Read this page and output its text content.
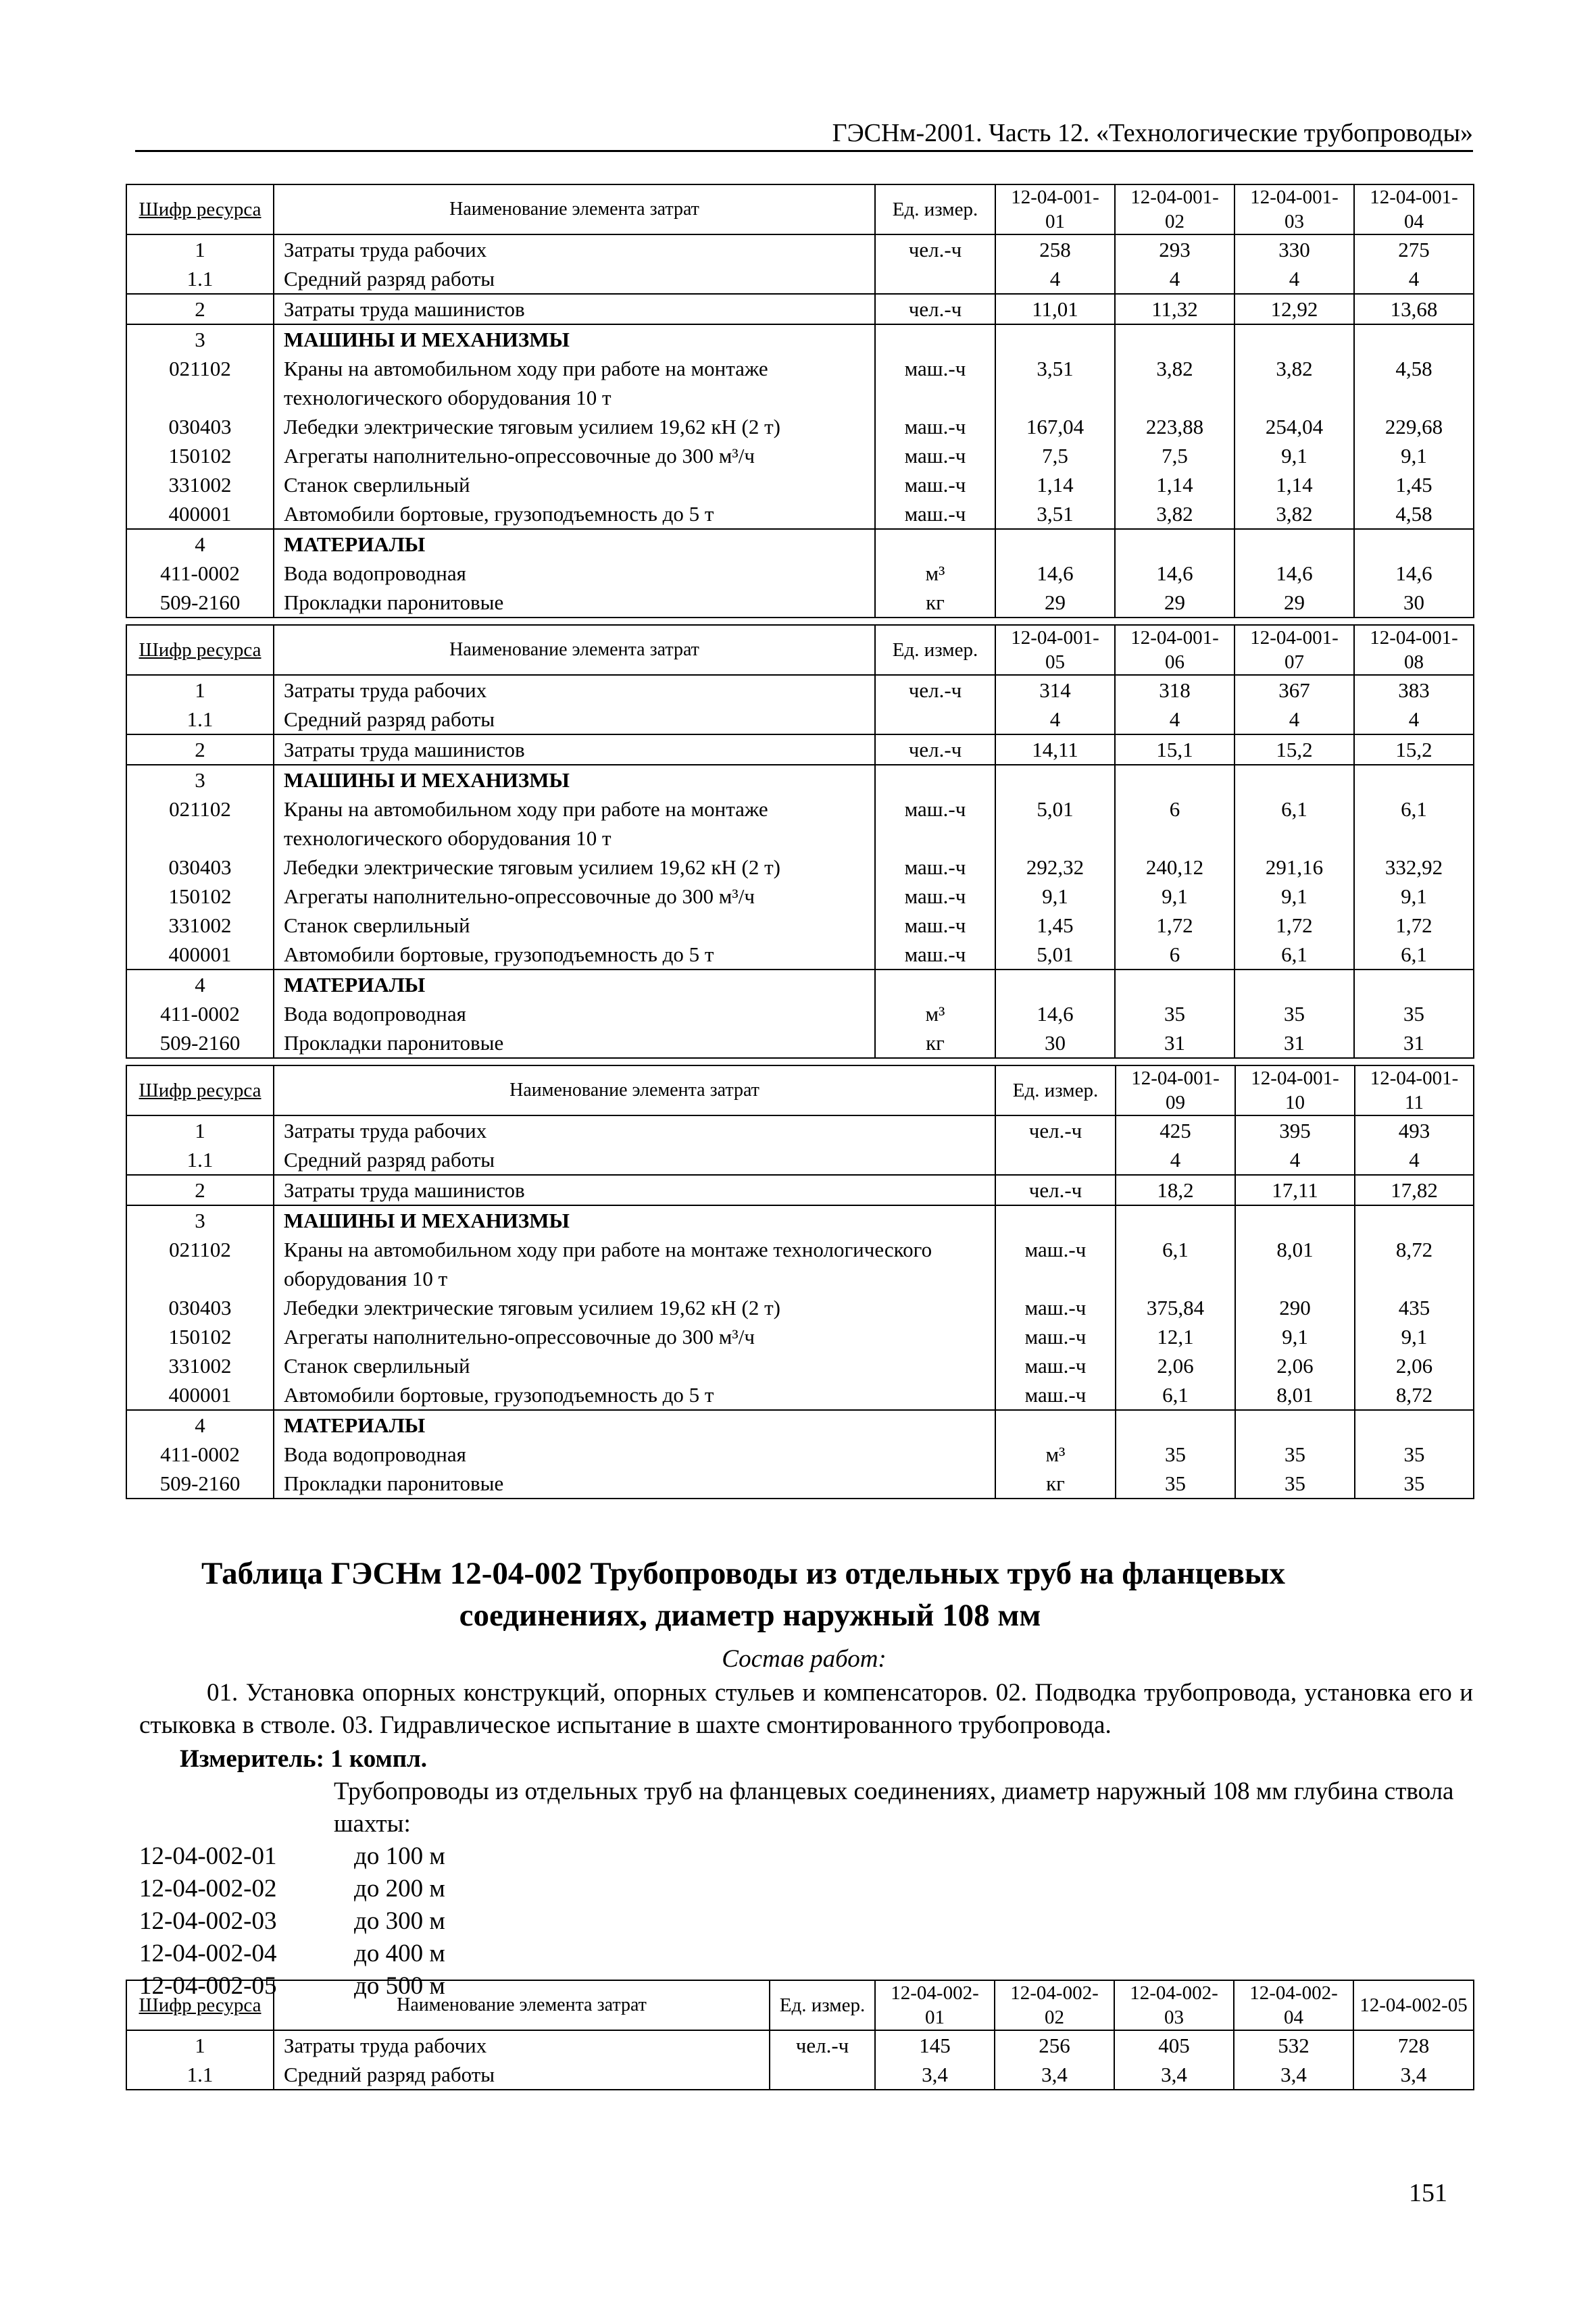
ГЭСНм-2001. Часть 12. «Технологические трубопроводы»
Шифр ресурса	Наименование элемента затрат	Ед. измер.	12-04-001-01	12-04-001-02	12-04-001-03	12-04-001-04
1	Затраты труда рабочих	чел.-ч	258	293	330	275
1.1	Средний разряд работы		4	4	4	4
2	Затраты труда машинистов	чел.-ч	11,01	11,32	12,92	13,68
3	МАШИНЫ И МЕХАНИЗМЫ					
021102	Краны на автомобильном ходу при работе на монтаже технологического оборудования 10 т	маш.-ч	3,51	3,82	3,82	4,58
030403	Лебедки электрические тяговым усилием 19,62 кН (2 т)	маш.-ч	167,04	223,88	254,04	229,68
150102	Агрегаты наполнительно-опрессовочные до 300 м³/ч	маш.-ч	7,5	7,5	9,1	9,1
331002	Станок сверлильный	маш.-ч	1,14	1,14	1,14	1,45
400001	Автомобили бортовые, грузоподъемность до 5 т	маш.-ч	3,51	3,82	3,82	4,58
4	МАТЕРИАЛЫ					
411-0002	Вода водопроводная	м³	14,6	14,6	14,6	14,6
509-2160	Прокладки паронитовые	кг	29	29	29	30
Шифр ресурса	Наименование элемента затрат	Ед. измер.	12-04-001-05	12-04-001-06	12-04-001-07	12-04-001-08
1	Затраты труда рабочих	чел.-ч	314	318	367	383
1.1	Средний разряд работы		4	4	4	4
2	Затраты труда машинистов	чел.-ч	14,11	15,1	15,2	15,2
3	МАШИНЫ И МЕХАНИЗМЫ					
021102	Краны на автомобильном ходу при работе на монтаже технологического оборудования 10 т	маш.-ч	5,01	6	6,1	6,1
030403	Лебедки электрические тяговым усилием 19,62 кН (2 т)	маш.-ч	292,32	240,12	291,16	332,92
150102	Агрегаты наполнительно-опрессовочные до 300 м³/ч	маш.-ч	9,1	9,1	9,1	9,1
331002	Станок сверлильный	маш.-ч	1,45	1,72	1,72	1,72
400001	Автомобили бортовые, грузоподъемность до 5 т	маш.-ч	5,01	6	6,1	6,1
4	МАТЕРИАЛЫ					
411-0002	Вода водопроводная	м³	14,6	35	35	35
509-2160	Прокладки паронитовые	кг	30	31	31	31
Шифр ресурса	Наименование элемента затрат	Ед. измер.	12-04-001-09	12-04-001-10	12-04-001-11
1	Затраты труда рабочих	чел.-ч	425	395	493
1.1	Средний разряд работы		4	4	4
2	Затраты труда машинистов	чел.-ч	18,2	17,11	17,82
3	МАШИНЫ И МЕХАНИЗМЫ				
021102	Краны на автомобильном ходу при работе на монтаже технологического оборудования 10 т	маш.-ч	6,1	8,01	8,72
030403	Лебедки электрические тяговым усилием 19,62 кН (2 т)	маш.-ч	375,84	290	435
150102	Агрегаты наполнительно-опрессовочные до 300 м³/ч	маш.-ч	12,1	9,1	9,1
331002	Станок сверлильный	маш.-ч	2,06	2,06	2,06
400001	Автомобили бортовые, грузоподъемность до 5 т	маш.-ч	6,1	8,01	8,72
4	МАТЕРИАЛЫ				
411-0002	Вода водопроводная	м³	35	35	35
509-2160	Прокладки паронитовые	кг	35	35	35
Таблица ГЭСНм 12-04-002 Трубопроводы из отдельных труб на фланцевых
соединениях, диаметр наружный 108 мм
Состав работ:
01. Установка опорных конструкций, опорных стульев и компенсаторов. 02. Подводка трубопровода, установка его и стыковка в стволе. 03. Гидравлическое испытание в шахте смонтированного трубопровода.
Измеритель: 1 компл.
Трубопроводы из отдельных труб на фланцевых соединениях, диаметр наружный 108 мм глубина ствола шахты:
12-04-002-01	до 100 м
12-04-002-02	до 200 м
12-04-002-03	до 300 м
12-04-002-04	до 400 м
12-04-002-05	до 500 м
Шифр ресурса	Наименование элемента затрат	Ед. измер.	12-04-002-01	12-04-002-02	12-04-002-03	12-04-002-04	12-04-002-05
1	Затраты труда рабочих	чел.-ч	145	256	405	532	728
1.1	Средний разряд работы		3,4	3,4	3,4	3,4	3,4
151
